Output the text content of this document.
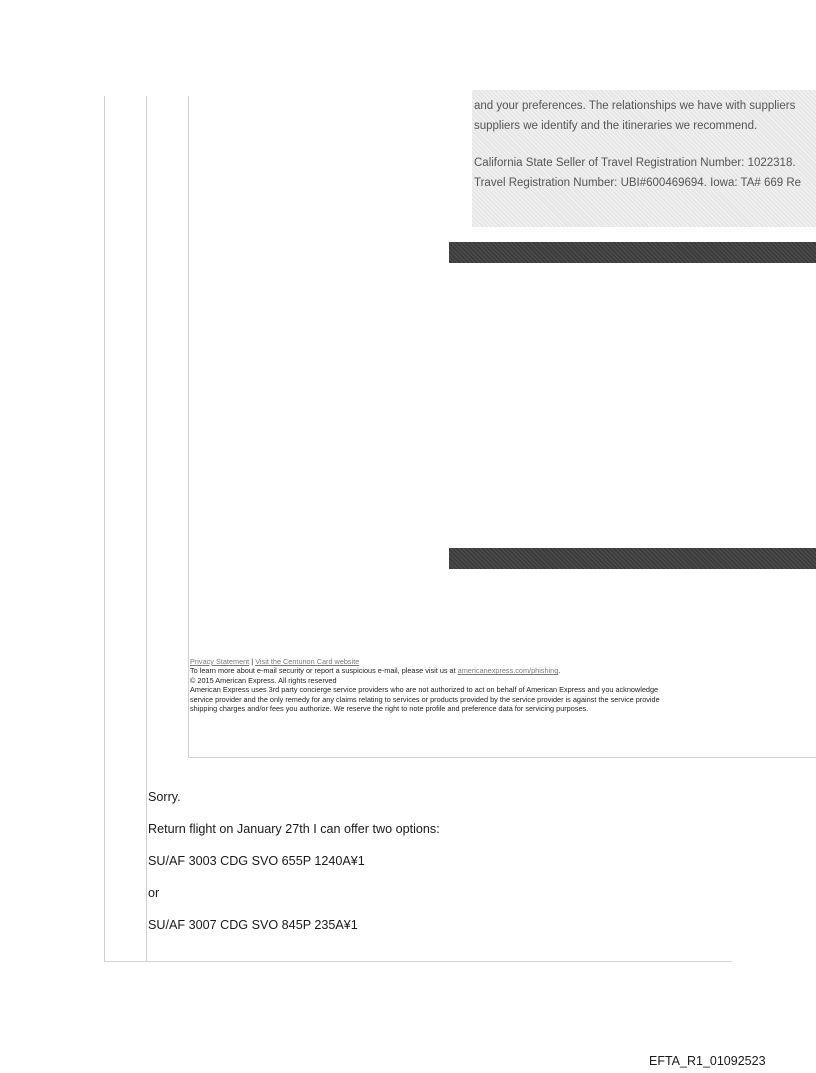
and your preferences. The relationships we have with suppliers

suppliers we identify and the itineraries we recommend.

California State Seller of Travel Registration Number: 1022318.

Travel Registration Number: UBI#600469694. Iowa: TA# 669 Re

Privacy Statement | Visit the Centurion Card website
To learn more about e-mail security or report a suspicious e-mail, please visit us at americanexpress.com/phishing.
© 2015 American Express. All rights reserved
American Express uses 3rd party concierge service providers who are not authorized to act on behalf of American Express and you acknowledge
service provider and the only remedy for any claims relating to services or products provided by the service provider is against the service provide
shipping charges and/or fees you authorize. We reserve the right to note profile and preference data for servicing purposes.
Sorry.
Return flight on January 27th I can offer two options:
SU/AF 3003 CDG SVO 655P 1240A¥1
or
SU/AF 3007 CDG SVO 845P 235A¥1
EFTA_R1_01092523
